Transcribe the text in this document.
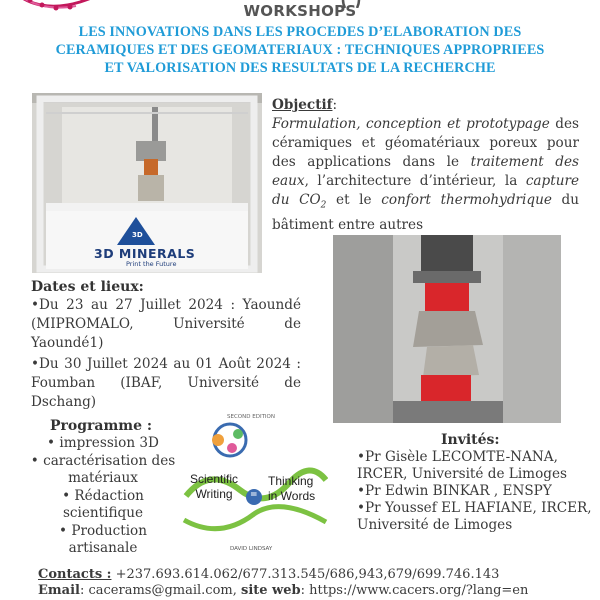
WORKSHOPS
LES INNOVATIONS DANS LES PROCEDES D’ELABORATION DES
CERAMIQUES ET DES GEOMATERIAUX : TECHNIQUES APPROPRIEES
ET VALORISATION DES RESULTATS DE LA RECHERCHE
3D
3D MINERALS
Print the Future
Objectif:
Formulation, conception et prototypage des céramiques et géomatériaux poreux pour des applications dans le traitement des eaux, l’architecture d’intérieur, la capture du $CO_2$ et le confort thermohydrique du bâtiment entre autres
Dates et lieux:
•Du 23 au 27 Juillet 2024 : Yaoundé (MIPROMALO, Université de Yaoundé1)
•Du 30 Juillet 2024 au 01 Août 2024 : Foumban (IBAF, Université de Dschang)
Programme :
• impression 3D
• caractérisation des matériaux
• Rédaction scientifique
• Production artisanale
SECOND EDITION
Scientific Writing	=
Thinking in Words
DAVID LINDSAY
Invités:
•Pr Gisèle LECOMTE-NANA, IRCER, Université de Limoges
•Pr Edwin BINKAR , ENSPY
•Pr Youssef EL HAFIANE, IRCER, Université de Limoges
Contacts : +237.693.614.062/677.313.545/686,943,679/699.746.143
Email: cacerams@gmail.com, site web: https://www.cacers.org/?lang=en
